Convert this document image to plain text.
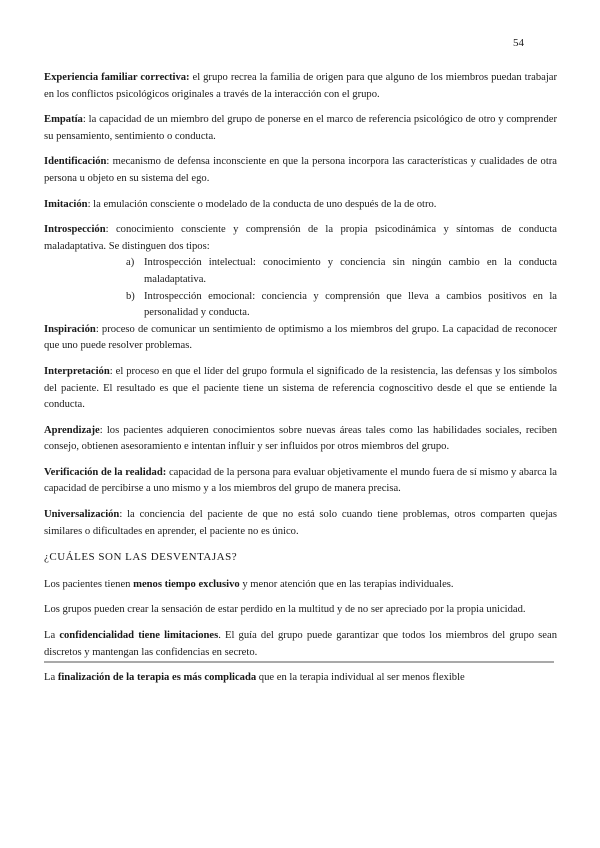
54

Experiencia familiar correctiva: el grupo recrea la familia de origen para que alguno de los miembros puedan trabajar en los conflictos psicológicos originales a través de la interacción con el grupo.

Empatía: la capacidad de un miembro del grupo de ponerse en el marco de referencia psicológico de otro y comprender su pensamiento, sentimiento o conducta.

Identificación: mecanismo de defensa inconsciente en que la persona incorpora las características y cualidades de otra persona u objeto en su sistema del ego.

Imitación: la emulación consciente o modelado de la conducta de uno después de la de otro.

Introspección: conocimiento consciente y comprensión de la propia psicodinámica y síntomas de conducta maladaptativa. Se distinguen dos tipos:

a) Introspección intelectual: conocimiento y conciencia sin ningún cambio en la conducta maladaptativa.
b) Introspección emocional: conciencia y comprensión que lleva a cambios positivos en la personalidad y conducta.

Inspiración: proceso de comunicar un sentimiento de optimismo a los miembros del grupo. La capacidad de reconocer que uno puede resolver problemas.

Interpretación: el proceso en que el líder del grupo formula el significado de la resistencia, las defensas y los símbolos del paciente. El resultado es que el paciente tiene un sistema de referencia cognoscitivo desde el que se entiende la conducta.

Aprendizaje: los pacientes adquieren conocimientos sobre nuevas áreas tales como las habilidades sociales, reciben consejo, obtienen asesoramiento e intentan influir y ser influidos por otros miembros del grupo.

Verificación de la realidad: capacidad de la persona para evaluar objetivamente el mundo fuera de sí mismo y abarca la capacidad de percibirse a uno mismo y a los miembros del grupo de manera precisa.

Universalización: la conciencia del paciente de que no está solo cuando tiene problemas, otros comparten quejas similares o dificultades en aprender, el paciente no es único.

¿CUÁLES SON LAS DESVENTAJAS?

Los pacientes tienen menos tiempo exclusivo y menor atención que en las terapias individuales.

Los grupos pueden crear la sensación de estar perdido en la multitud y de no ser apreciado por la propia unicidad.

La confidencialidad tiene limitaciones. El guía del grupo puede garantizar que todos los miembros del grupo sean discretos y mantengan las confidencias en secreto.

La finalización de la terapia es más complicada que en la terapia individual al ser menos flexible
